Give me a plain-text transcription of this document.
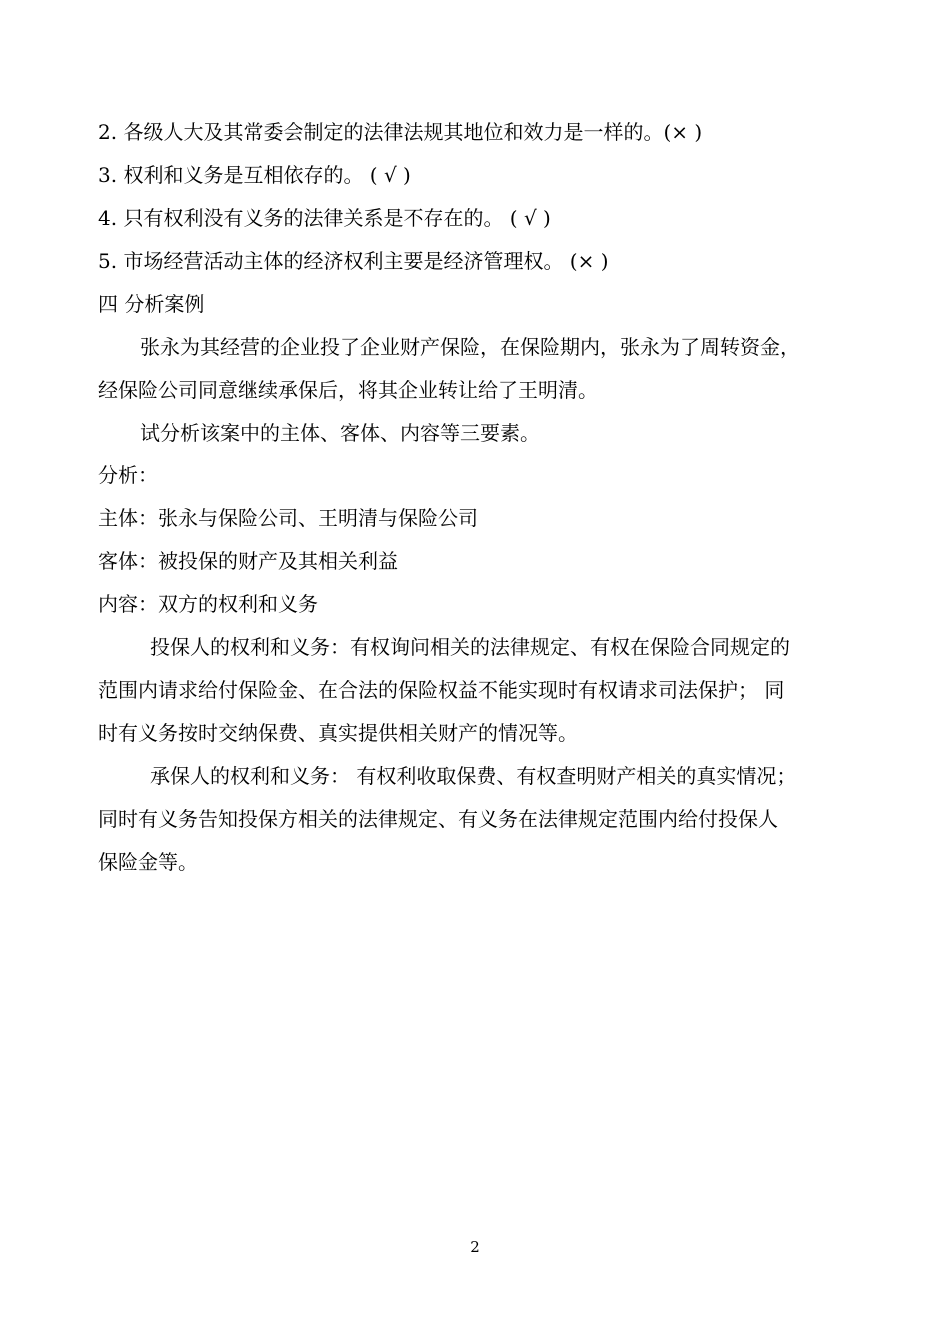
2. 各级人大及其常委会制定的法律法规其地位和效力是一样的。(× )
3. 权利和义务是互相依存的。 ( √ )
4. 只有权利没有义务的法律关系是不存在的。 ( √ )
5. 市场经营活动主体的经济权利主要是经济管理权。 (× )
四 分析案例
张永为其经营的企业投了企业财产保险，在保险期内，张永为了周转资金，
经保险公司同意继续承保后，将其企业转让给了王明清。
试分析该案中的主体、客体、内容等三要素。
分析：
主体：张永与保险公司、王明清与保险公司
客体：被投保的财产及其相关利益
内容：双方的权利和义务
投保人的权利和义务：有权询问相关的法律规定、有权在保险合同规定的
范围内请求给付保险金、在合法的保险权益不能实现时有权请求司法保护； 同
时有义务按时交纳保费、真实提供相关财产的情况等。
承保人的权利和义务： 有权利收取保费、有权查明财产相关的真实情况；
同时有义务告知投保方相关的法律规定、有义务在法律规定范围内给付投保人
保险金等。
2
